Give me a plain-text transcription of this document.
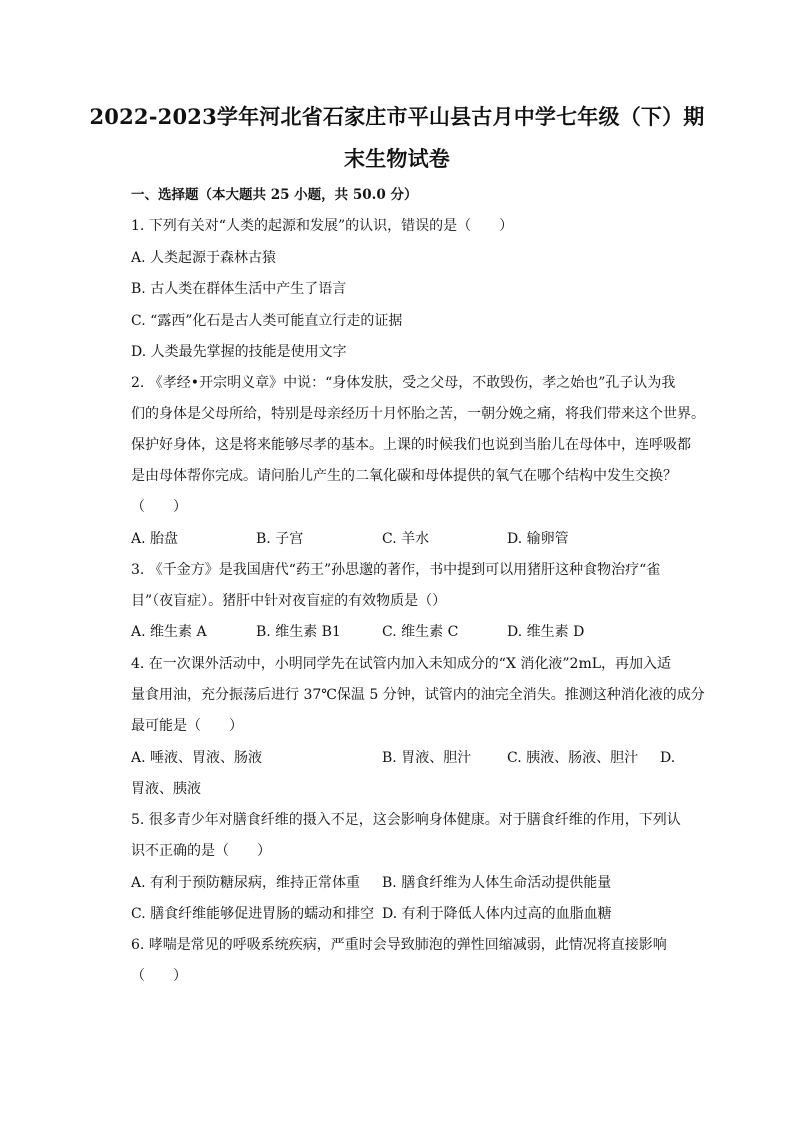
2022-2023学年河北省石家庄市平山县古月中学七年级（下）期
末生物试卷
一、选择题（本大题共 25 小题，共 50.0 分）
1. 下列有关对“人类的起源和发展”的认识，错误的是（　　）
A. 人类起源于森林古猿
B. 古人类在群体生活中产生了语言
C. “露西”化石是古人类可能直立行走的证据
D. 人类最先掌握的技能是使用文字
2. 《孝经•开宗明义章》中说：“身体发肤，受之父母，不敢毁伤，孝之始也”孔子认为我
们的身体是父母所给，特别是母亲经历十月怀胎之苦，一朝分娩之痛，将我们带来这个世界。
保护好身体，这是将来能够尽孝的基本。上课的时候我们也说到当胎儿在母体中，连呼吸都
是由母体帮你完成。请问胎儿产生的二氧化碳和母体提供的氧气在哪个结构中发生交换？
（　　）
A. 胎盘	B. 子宫	C. 羊水	D. 输卵管
3. 《千金方》是我国唐代“药王”孙思邈的著作，书中提到可以用猪肝这种食物治疗“雀
目”（夜盲症）。猪肝中针对夜盲症的有效物质是（）
A. 维生素 A	B. 维生素 B1	C. 维生素 C	D. 维生素 D
4. 在一次课外活动中，小明同学先在试管内加入未知成分的“X 消化液”2mL，再加入适
量食用油，充分振荡后进行 37℃保温 5 分钟，试管内的油完全消失。推测这种消化液的成分
最可能是（　　）
A. 唾液、胃液、肠液	B. 胃液、胆汁	C. 胰液、肠液、胆汁 D.
胃液、胰液
5. 很多青少年对膳食纤维的摄入不足，这会影响身体健康。对于膳食纤维的作用，下列认
识不正确的是（　　）
A. 有利于预防糖尿病，维持正常体重 B. 膳食纤维为人体生命活动提供能量
C. 膳食纤维能够促进胃肠的蠕动和排空 D. 有利于降低人体内过高的血脂血糖
6. 哮喘是常见的呼吸系统疾病，严重时会导致肺泡的弹性回缩减弱，此情况将直接影响
（　　）
